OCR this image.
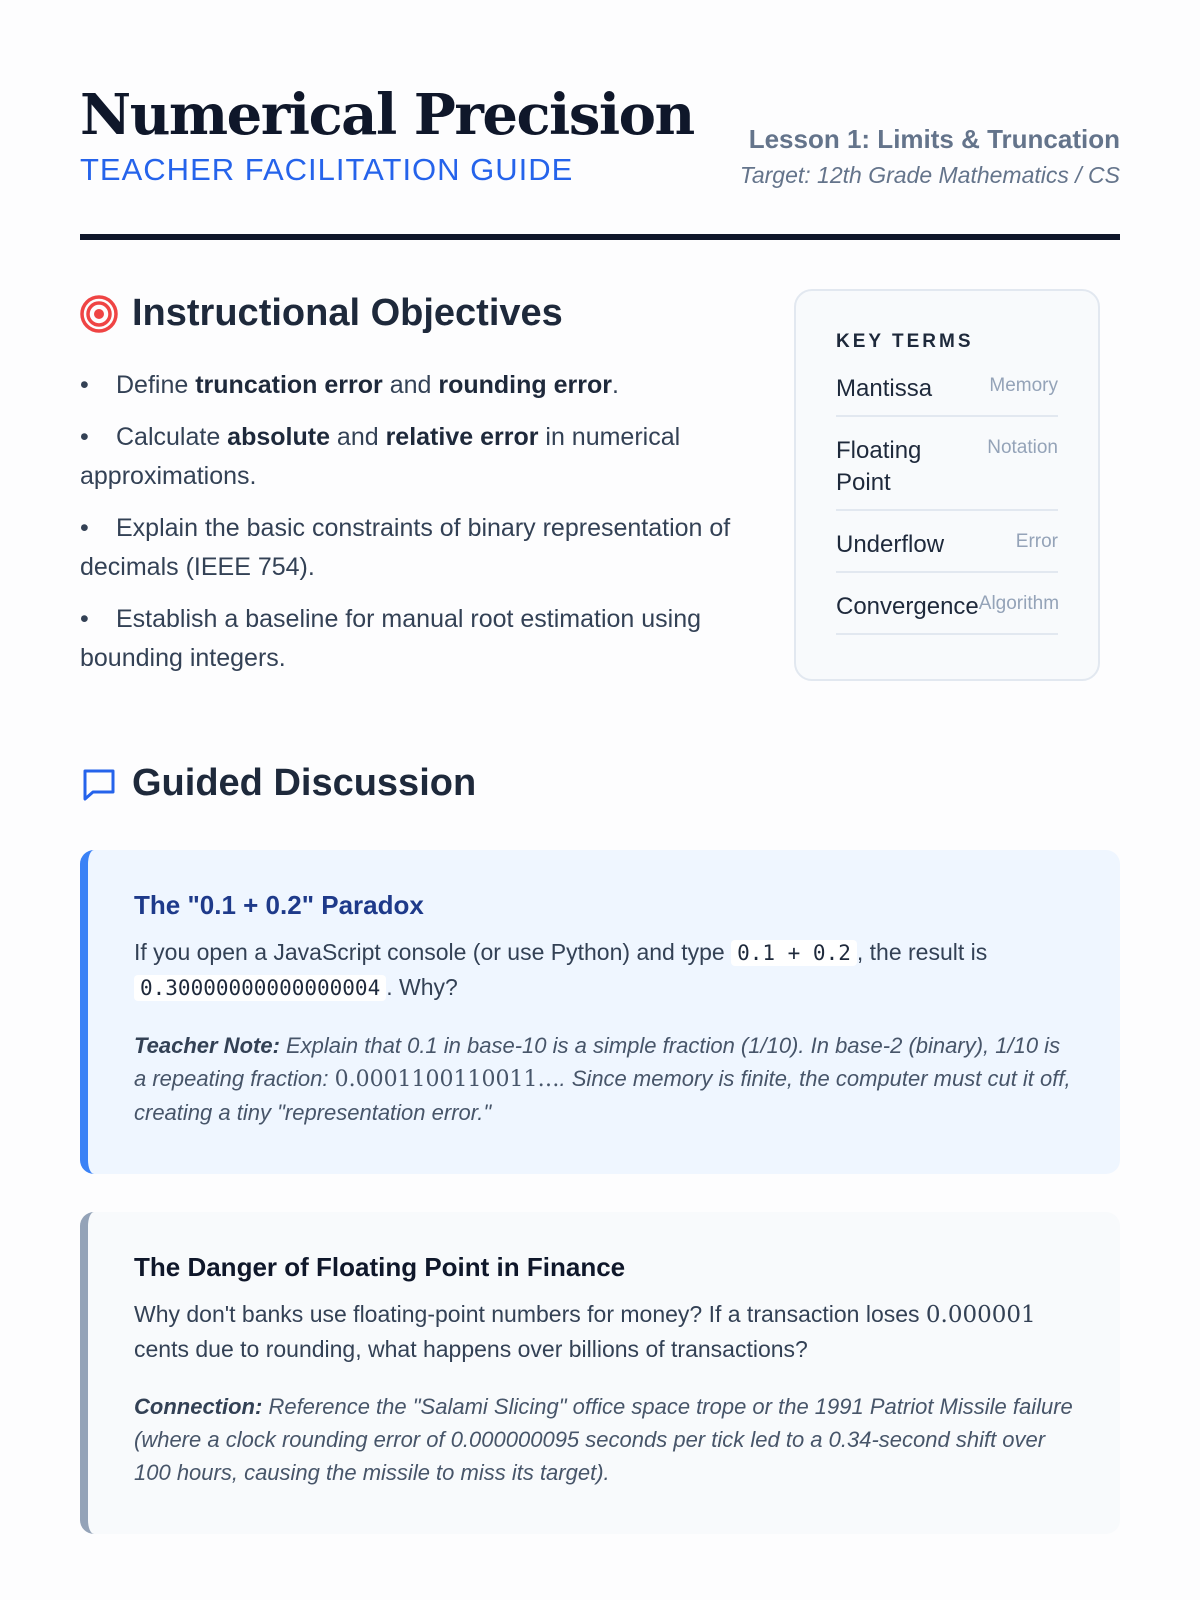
Numerical Precision
TEACHER FACILITATION GUIDE
Lesson 1: Limits & Truncation
Target: 12th Grade Mathematics / CS
Instructional Objectives
• Define truncation error and rounding error.
• Calculate absolute and relative error in numerical approximations.
• Explain the basic constraints of binary representation of decimals (IEEE 754).
• Establish a baseline for manual root estimation using bounding integers.
KEY TERMS
Mantissa	Memory
Floating Point
Notation
Underflow	Error
Convergence Algorithm
Guided Discussion
The "0.1 + 0.2" Paradox
If you open a JavaScript console (or use Python) and type 0.1 + 0.2 , the result is 0.30000000000000004 . Why?
Teacher Note: Explain that 0.1 in base-10 is a simple fraction (1/10). In base-2 (binary), 1/10 is a repeating fraction: 0.0001100110011…. Since memory is finite, the computer must cut it off, creating a tiny "representation error."
The Danger of Floating Point in Finance
Why don't banks use floating-point numbers for money? If a transaction loses 0.000001 cents due to rounding, what happens over billions of transactions?
Connection: Reference the "Salami Slicing" office space trope or the 1991 Patriot Missile failure (where a clock rounding error of 0.000000095 seconds per tick led to a 0.34-second shift over 100 hours, causing the missile to miss its target).
